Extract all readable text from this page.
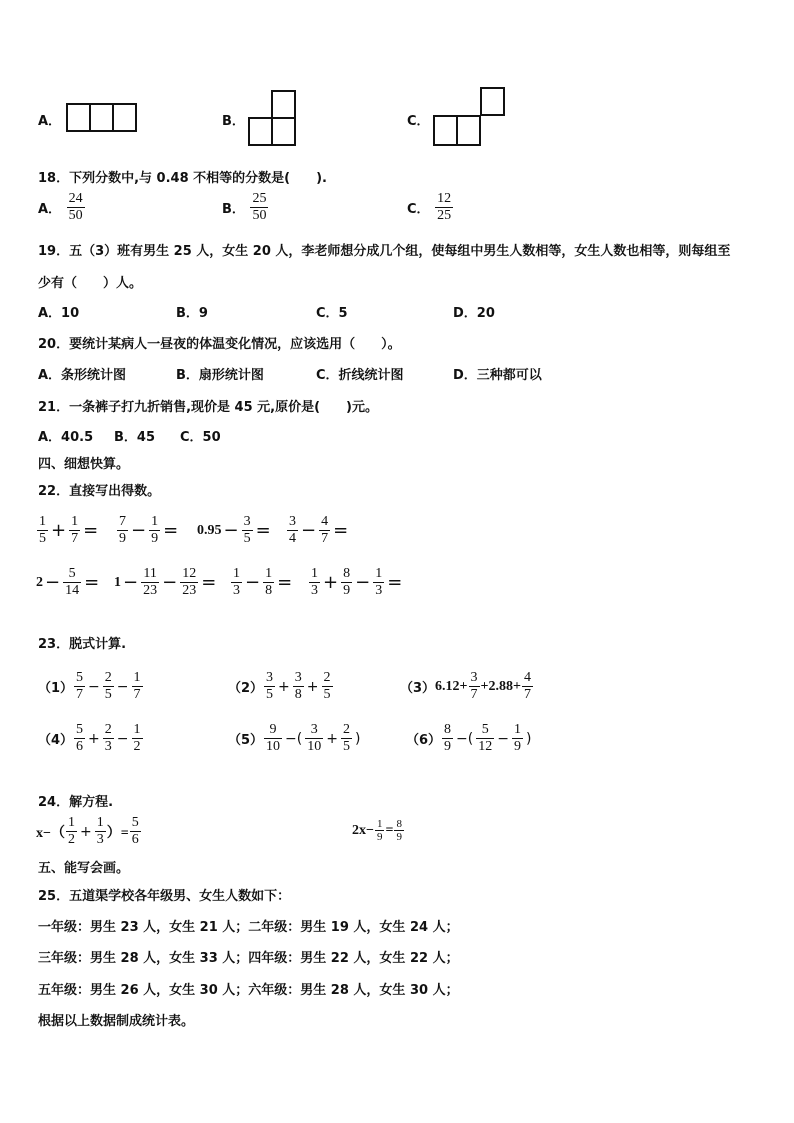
A．	B．	C．
18．下列分数中,与 0.48 不相等的分数是(　　).
A． $\frac{24}{50}$	B． $\frac{25}{50}$	C． $\frac{12}{25}$
19．五（3）班有男生 25 人，女生 20 人，李老师想分成几个组，使每组中男生人数相等，女生人数也相等，则每组至
少有（　　）人。
A．10	B．9	C．5	D．20
20．要统计某病人一昼夜的体温变化情况，应该选用（　　）。
A．条形统计图	B．扇形统计图	C．折线统计图	D．三种都可以
21．一条裤子打九折销售,现价是 45 元,原价是(　　)元。
A．40.5 B．45 C．50
四、细想快算。
22．直接写出得数。
$\frac{1}{5} + \frac{1}{7} = \frac{7}{9} - \frac{1}{9} = 0.95 - \frac{3}{5} = \frac{3}{4} - \frac{4}{7}$ =
$2 - \frac{5}{14} = 1 - \frac{11}{23} - \frac{12}{23} = \frac{1}{3} - \frac{1}{8} = \frac{1}{3} + \frac{8}{9} - \frac{1}{3}$ =
23．脱式计算.
$(1) \frac{5}{7} - \frac{2}{5} - \frac{1}{7}$	$(2) \frac{3}{5} + \frac{3}{8} + \frac{2}{5}$	$(3)6.12+ \frac{3}{7} +2.88+ \frac{4}{7}$
$(4) \frac{5}{6} + \frac{2}{3} - \frac{1}{2}$	$(5) \frac{9}{10}$ −( $\frac{3}{10} + \frac{2}{5}$ )	$(6) \frac{8}{9}$ −( $\frac{5}{12} - \frac{1}{9}$ )
24．解方程.
$x-( \frac{1}{2} + \frac{1}{3}$ ）= $\frac{5}{6}$	$2x- \frac{1}{9} = \frac{8}{9}$
五、能写会画。
25．五道渠学校各年级男、女生人数如下：
一年级：男生 23 人，女生 21 人；二年级：男生 19 人，女生 24 人；
三年级：男生 28 人，女生 33 人；四年级：男生 22 人，女生 22 人；
五年级：男生 26 人，女生 30 人；六年级：男生 28 人，女生 30 人；
根据以上数据制成统计表。
